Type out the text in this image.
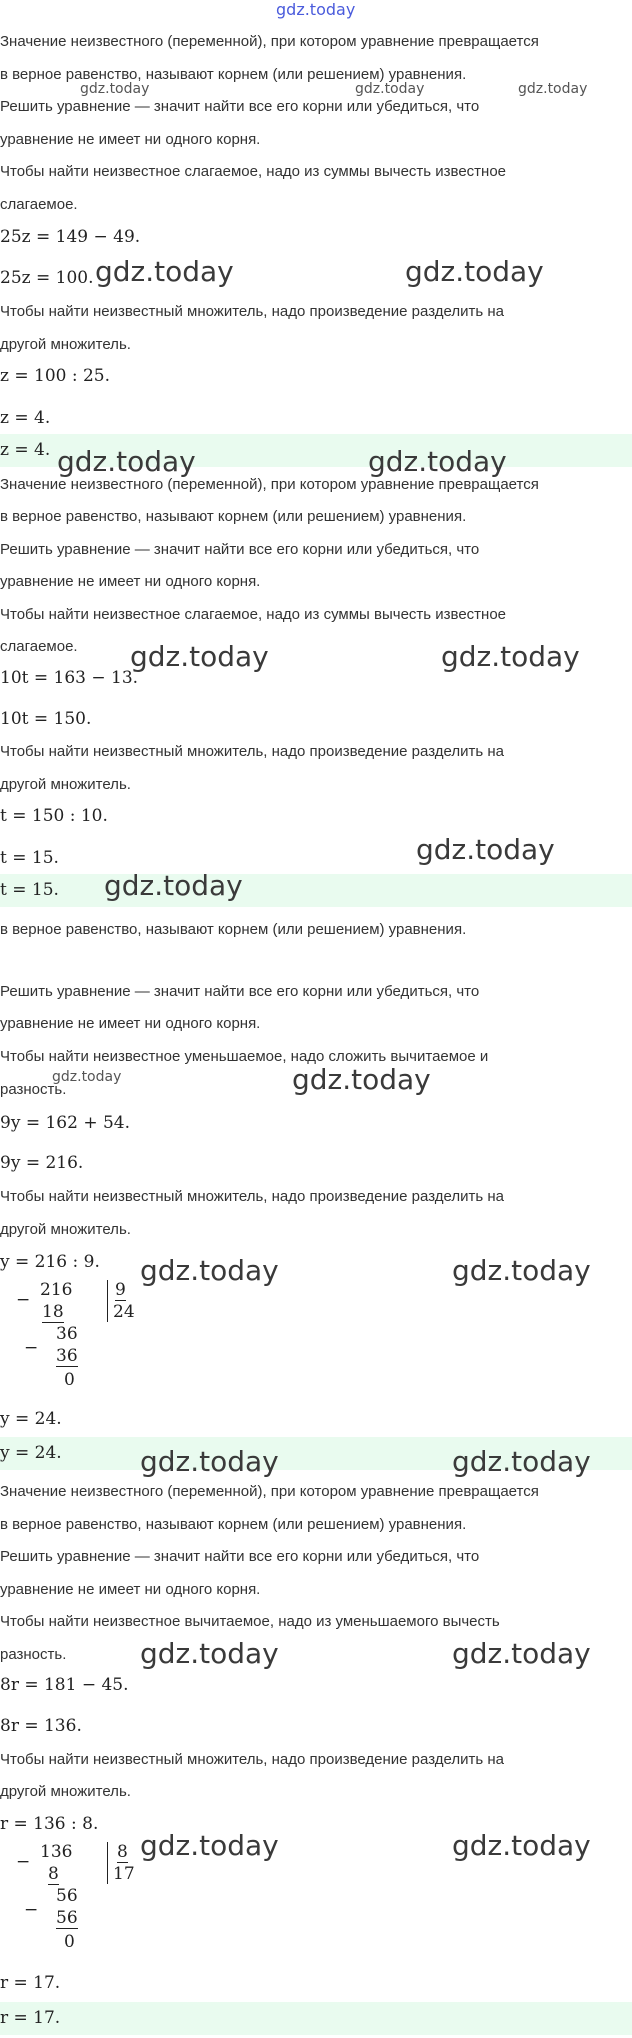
gdz.today
Значение неизвестного (переменной), при котором уравнение превращается
в верное равенство, называют корнем (или решением) уравнения.
gdz.today	gdz.today	gdz.today
Решить уравнение — значит найти все его корни или убедиться, что
уравнение не имеет ни одного корня.
Чтобы найти неизвестное слагаемое, надо из суммы вычесть известное
слагаемое.
25z = 149 − 49.
25z = 100. gdz.today	gdz.today
Чтобы найти неизвестный множитель, надо произведение разделить на
другой множитель.
z = 100 : 25.
z = 4.
z = 4. gdz.today	gdz.today
Значение неизвестного (переменной), при котором уравнение превращается
в верное равенство, называют корнем (или решением) уравнения.
Решить уравнение — значит найти все его корни или убедиться, что
уравнение не имеет ни одного корня.
Чтобы найти неизвестное слагаемое, надо из суммы вычесть известное
слагаемое. gdz.today	gdz.today
10t = 163 − 13.
10t = 150.
Чтобы найти неизвестный множитель, надо произведение разделить на
другой множитель.
t = 150 : 10.
t = 15.	gdz.today
t = 15. gdz.today
в верное равенство, называют корнем (или решением) уравнения.
Решить уравнение — значит найти все его корни или убедиться, что
уравнение не имеет ни одного корня.
Чтобы найти неизвестное уменьшаемое, надо сложить вычитаемое и
разность.
gdz.today	gdz.today
9y = 162 + 54.
9y = 216.
Чтобы найти неизвестный множитель, надо произведение разделить на
другой множитель.
y = 216 : 9. gdz.today	gdz.today
− 216
18
9
24
−
36
36
0
y = 24.
y = 24.	gdz.today	gdz.today
Значение неизвестного (переменной), при котором уравнение превращается
в верное равенство, называют корнем (или решением) уравнения.
Решить уравнение — значит найти все его корни или убедиться, что
уравнение не имеет ни одного корня.
Чтобы найти неизвестное вычитаемое, надо из уменьшаемого вычесть
разность.	gdz.today	gdz.today
8r = 181 − 45.
8r = 136.
Чтобы найти неизвестный множитель, надо произведение разделить на
другой множитель.
r = 136 : 8.
gdz.today	gdz.today
− 136
8
8
17
−
56
56
0
r = 17.
r = 17.
